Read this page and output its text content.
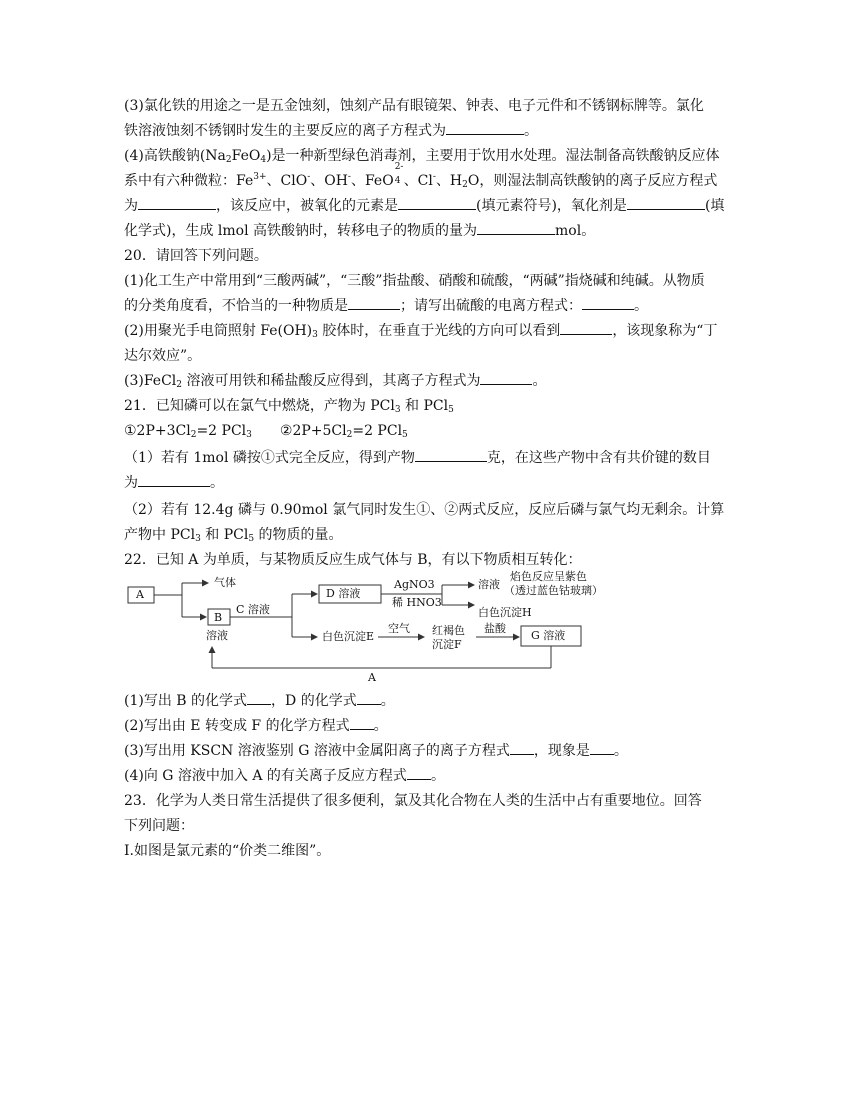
(3)氯化铁的用途之一是五金蚀刻，蚀刻产品有眼镜架、钟表、电子元件和不锈钢标牌等。氯化
铁溶液蚀刻不锈钢时发生的主要反应的离子方程式为	。
(4)高铁酸钠$(Na_2FeO_4)$是一种新型绿色消毒剂，主要用于饮用水处理。湿法制备高铁酸钠反应体
系中有六种微粒：$Fe^{3+}$、ClO-、OH-、FeO
2-
4 、Cl-、$H_2O$，则湿法制高铁酸钠的离子反应方程式
为	，该反应中，被氧化的元素是	(填元素符号)，氧化剂是	(填
化学式)，生成 lmol 高铁酸钠时，转移电子的物质的量为	mol。
20．请回答下列问题。
(1)化工生产中常用到“三酸两碱”，“三酸”指盐酸、硝酸和硫酸，“两碱”指烧碱和纯碱。从物质
的分类角度看，不恰当的一种物质是	；请写出硫酸的电离方程式：	。
(2)用聚光手电筒照射 $Fe(OH)_3$ 胶体时，在垂直于光线的方向可以看到	，该现象称为“丁
达尔效应”。
(3)FeCl$_2$ 溶液可用铁和稀盐酸反应得到，其离子方程式为	。
21．已知磷可以在氯气中燃烧，产物为 PCl$_3$ 和 PCl$_5$
$①2P+3Cl_2=2$ PCl$_3$ $②2P+5Cl_2=2$ PCl$_5$
（1）若有 1mol 磷按①式完全反应，得到产物	克，在这些产物中含有共价键的数目
为	。
（2）若有 12.4g 磷与 0.90mol 氯气同时发生①、②两式反应，反应后磷与氯气均无剩余。计算
产物中 PCl$_3$ 和 PCl$_5$ 的物质的量。
22．已知 A 为单质，与某物质反应生成气体与 B，有以下物质相互转化：
A
气体
B
溶液
C 溶液
D 溶液
AgNO3
稀 HNO3
溶液
焰色反应呈紫色
（透过蓝色钴玻璃）
白色沉淀H
白色沉淀E
空气 红褐色
沉淀F
盐酸
G 溶液
A
(1)写出 B 的化学式 ，D 的化学式 。
(2)写出由 E 转变成 F 的化学方程式 。
(3)写出用 KSCN 溶液鉴别 G 溶液中金属阳离子的离子方程式 ，现象是 。
(4)向 G 溶液中加入 A 的有关离子反应方程式 。
23．化学为人类日常生活提供了很多便利，氯及其化合物在人类的生活中占有重要地位。回答
下列问题：
Ⅰ.如图是氯元素的“价类二维图”。
